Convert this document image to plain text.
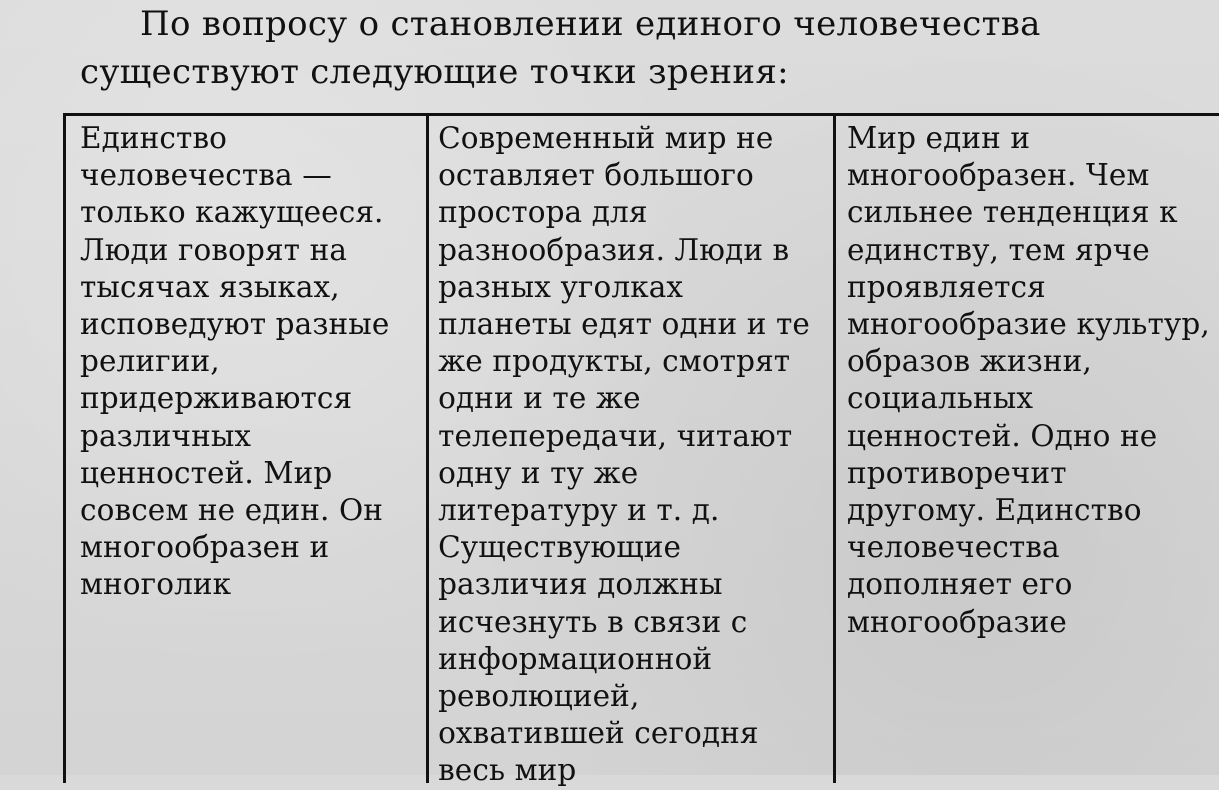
По вопросу о становлении единого человечества существуют следующие точки зрения:

Единство человечества — только кажущееся. Люди говорят на тысячах языках, исповедуют разные религии, придерживаются различных ценностей. Мир совсем не един. Он многообразен и многолик
Современный мир не оставляет большого простора для разнообразия. Люди в разных уголках планеты едят одни и те же продукты, смотрят одни и те же телепередачи, читают одну и ту же литературу и т. д. Существующие различия должны исчезнуть в связи с информационной революцией, охватившей сегодня весь мир
Мир един и многообразен. Чем сильнее тенденция к единству, тем ярче проявляется многообразие культур, образов жизни, социальных ценностей. Одно не противоречит другому. Единство человечества дополняет его многообразие
